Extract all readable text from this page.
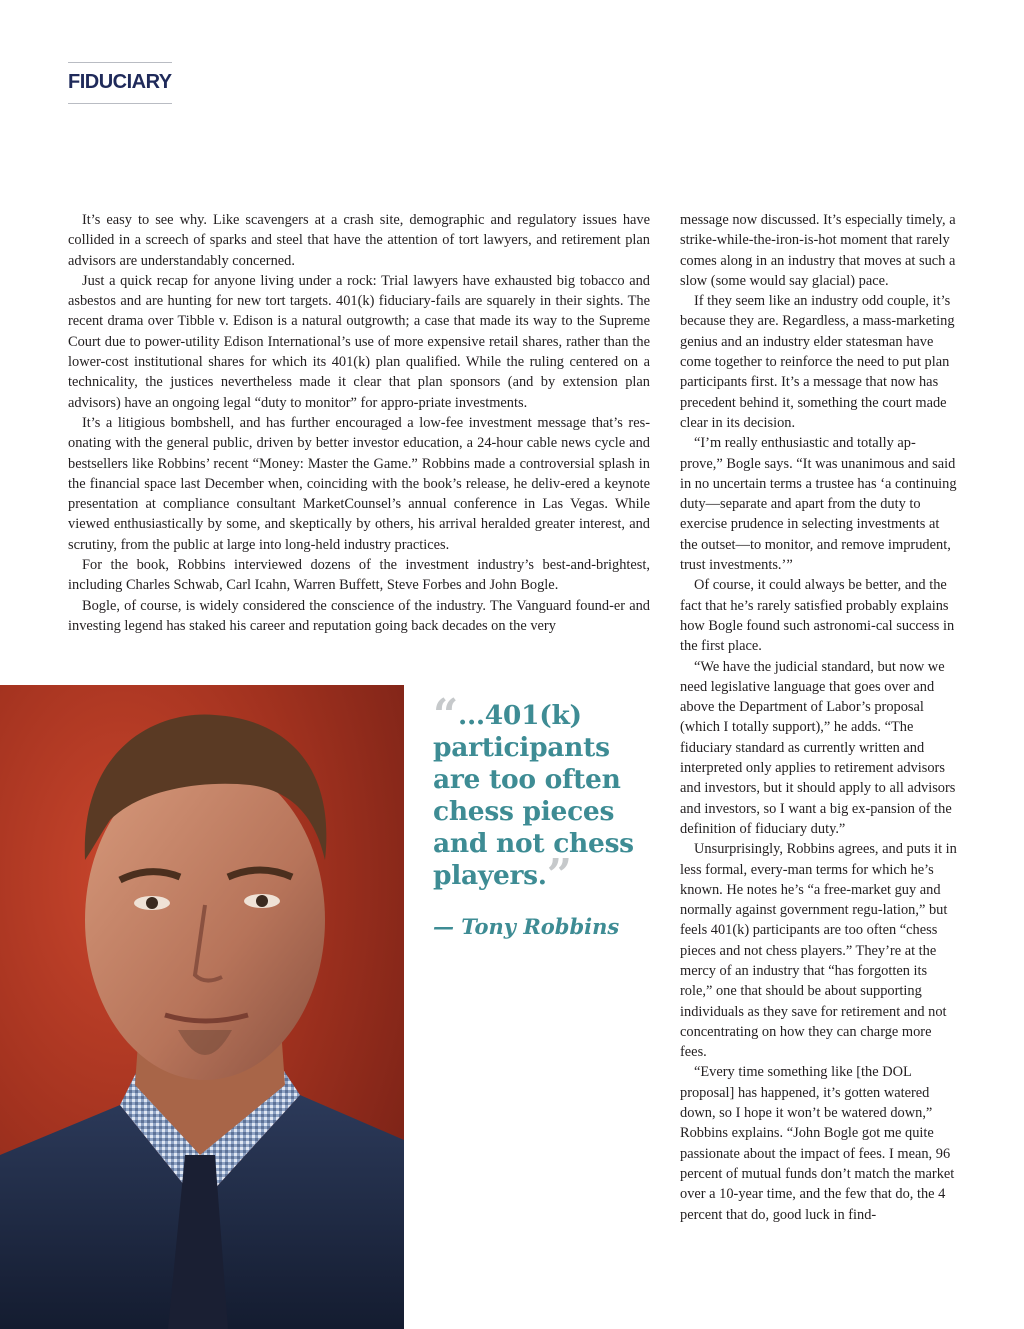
FIDUCIARY

It’s easy to see why. Like scavengers at a crash site, demographic and regulatory issues have collided in a screech of sparks and steel that have the attention of tort lawyers, and retirement plan advisors are understandably concerned.

Just a quick recap for anyone living under a rock: Trial lawyers have exhausted big tobacco and asbestos and are hunting for new tort targets. 401(k) fiduciary-fails are squarely in their sights. The recent drama over Tibble v. Edison is a natural outgrowth; a case that made its way to the Supreme Court due to power-utility Edison International’s use of more expensive retail shares, rather than the lower-cost institutional shares for which its 401(k) plan qualified. While the ruling centered on a technicality, the justices nevertheless made it clear that plan sponsors (and by extension plan advisors) have an ongoing legal “duty to monitor” for appro-priate investments.

It’s a litigious bombshell, and has further encouraged a low-fee investment message that’s res-onating with the general public, driven by better investor education, a 24-hour cable news cycle and bestsellers like Robbins’ recent “Money: Master the Game.” Robbins made a controversial splash in the financial space last December when, coinciding with the book’s release, he deliv-ered a keynote presentation at compliance consultant MarketCounsel’s annual conference in Las Vegas. While viewed enthusiastically by some, and skeptically by others, his arrival heralded greater interest, and scrutiny, from the public at large into long-held industry practices.

For the book, Robbins interviewed dozens of the investment industry’s best-and-brightest, including Charles Schwab, Carl Icahn, Warren Buffett, Steve Forbes and John Bogle.

Bogle, of course, is widely considered the conscience of the industry. The Vanguard found-er and investing legend has staked his career and reputation going back decades on the very

message now discussed. It’s especially timely, a strike-while-the-iron-is-hot moment that rarely comes along in an industry that moves at such a slow (some would say glacial) pace.

If they seem like an industry odd couple, it’s because they are. Regardless, a mass-marketing genius and an industry elder statesman have come together to reinforce the need to put plan participants first. It’s a message that now has precedent behind it, something the court made clear in its decision.

“I’m really enthusiastic and totally ap-prove,” Bogle says. “It was unanimous and said in no uncertain terms a trustee has ‘a continuing duty—separate and apart from the duty to exercise prudence in selecting investments at the outset—to monitor, and remove imprudent, trust investments.’”

Of course, it could always be better, and the fact that he’s rarely satisfied probably explains how Bogle found such astronomi-cal success in the first place.

“We have the judicial standard, but now we need legislative language that goes over and above the Department of Labor’s proposal (which I totally support),” he adds. “The fiduciary standard as currently written and interpreted only applies to retirement advisors and investors, but it should apply to all advisors and investors, so I want a big ex-pansion of the definition of fiduciary duty.”

Unsurprisingly, Robbins agrees, and puts it in less formal, every-man terms for which he’s known. He notes he’s “a free-market guy and normally against government regu-lation,” but feels 401(k) participants are too often “chess pieces and not chess players.” They’re at the mercy of an industry that “has forgotten its role,” one that should be about supporting individuals as they save for retirement and not concentrating on how they can charge more fees.

“Every time something like [the DOL proposal] has happened, it’s gotten watered down, so I hope it won’t be watered down,” Robbins explains. “John Bogle got me quite passionate about the impact of fees. I mean, 96 percent of mutual funds don’t match the market over a 10-year time, and the few that do, the 4 percent that do, good luck in find-

“...401(k) participants are too often chess pieces and not chess players.”
— Tony Robbins
